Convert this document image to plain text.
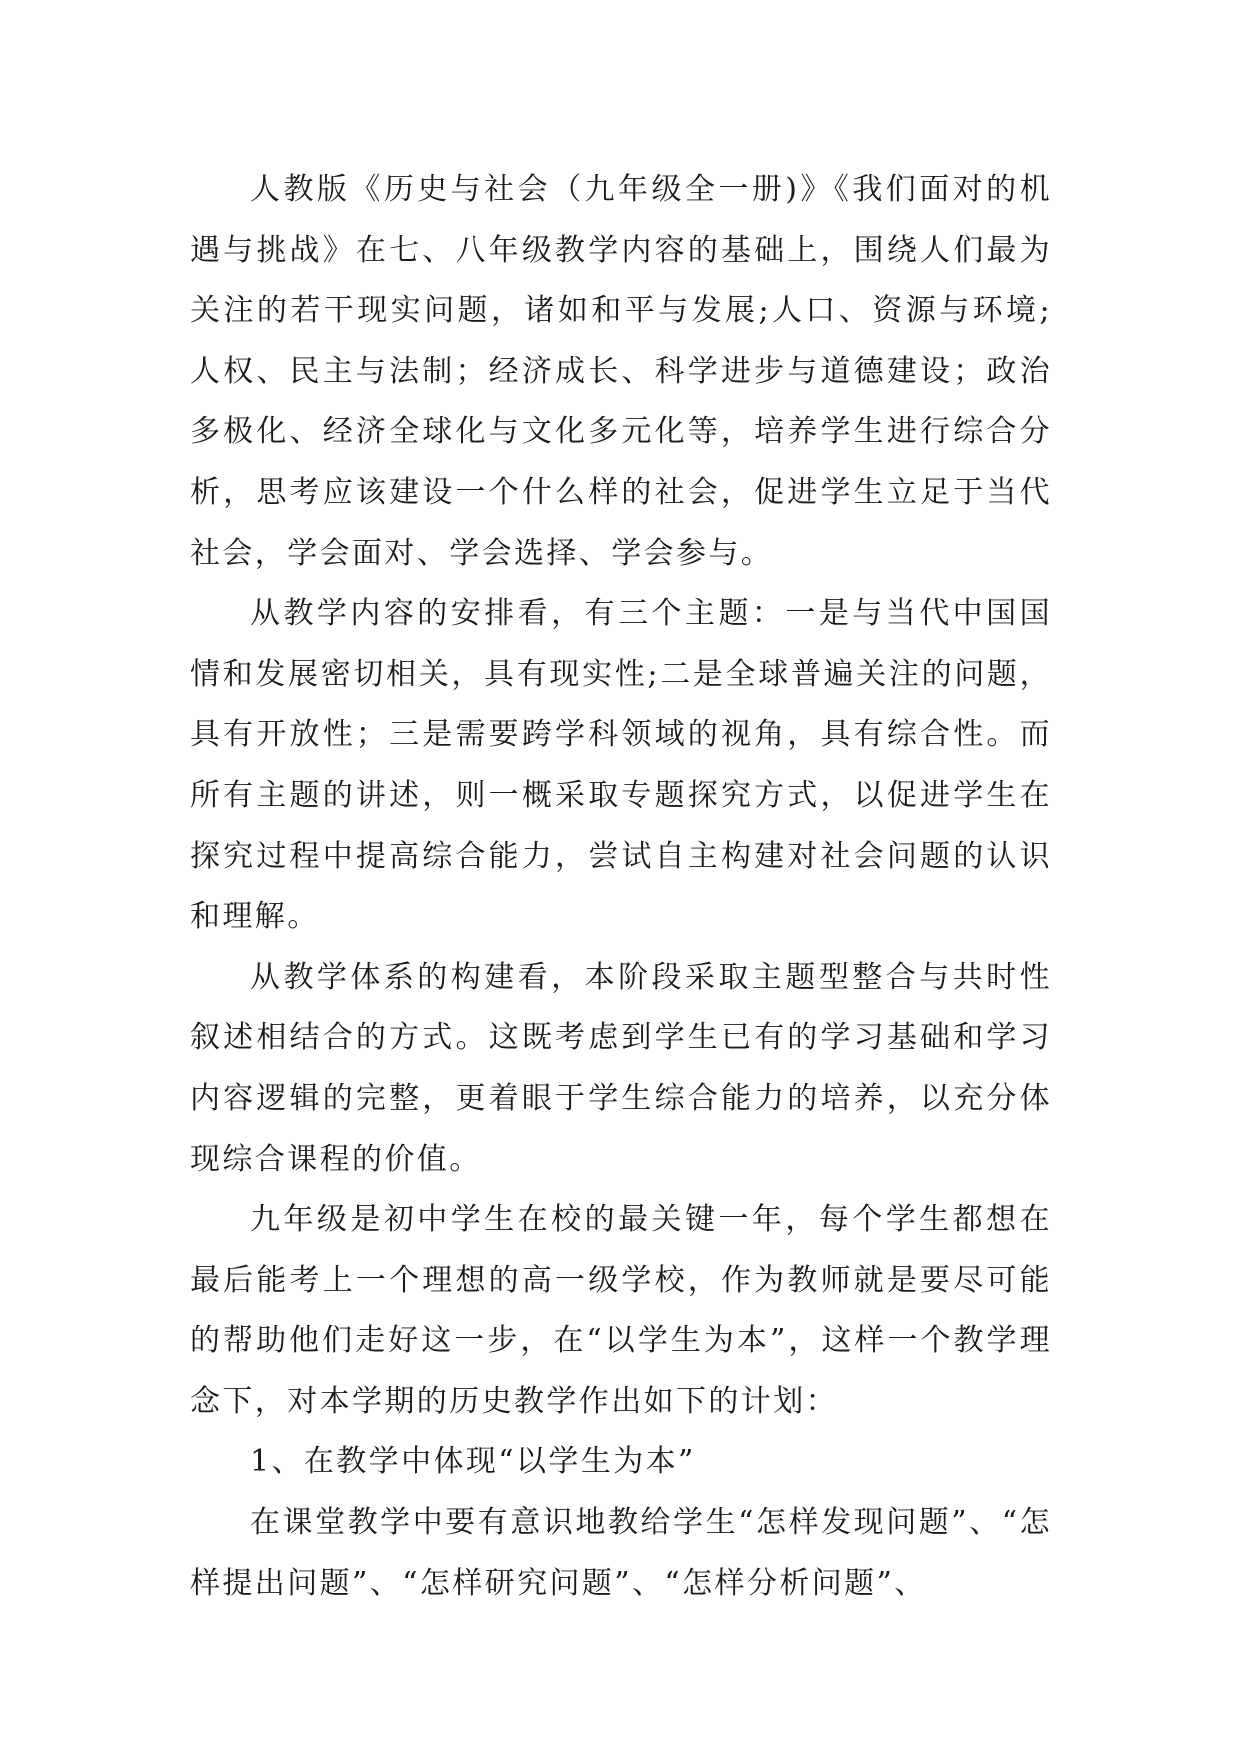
人教版《历史与社会（九年级全一册)》《我们面对的机遇与挑战》在七、八年级教学内容的基础上，围绕人们最为关注的若干现实问题，诸如和平与发展;人口、资源与环境;人权、民主与法制；经济成长、科学进步与道德建设；政治多极化、经济全球化与文化多元化等，培养学生进行综合分析，思考应该建设一个什么样的社会，促进学生立足于当代社会，学会面对、学会选择、学会参与。

从教学内容的安排看，有三个主题：一是与当代中国国情和发展密切相关，具有现实性;二是全球普遍关注的问题，具有开放性；三是需要跨学科领域的视角，具有综合性。而所有主题的讲述，则一概采取专题探究方式，以促进学生在探究过程中提高综合能力，尝试自主构建对社会问题的认识和理解。

从教学体系的构建看，本阶段采取主题型整合与共时性叙述相结合的方式。这既考虑到学生已有的学习基础和学习内容逻辑的完整，更着眼于学生综合能力的培养，以充分体现综合课程的价值。

九年级是初中学生在校的最关键一年，每个学生都想在最后能考上一个理想的高一级学校，作为教师就是要尽可能的帮助他们走好这一步，在“以学生为本”，这样一个教学理念下，对本学期的历史教学作出如下的计划：

1、在教学中体现“以学生为本”

在课堂教学中要有意识地教给学生“怎样发现问题”、“怎样提出问题”、“怎样研究问题”、“怎样分析问题”、
